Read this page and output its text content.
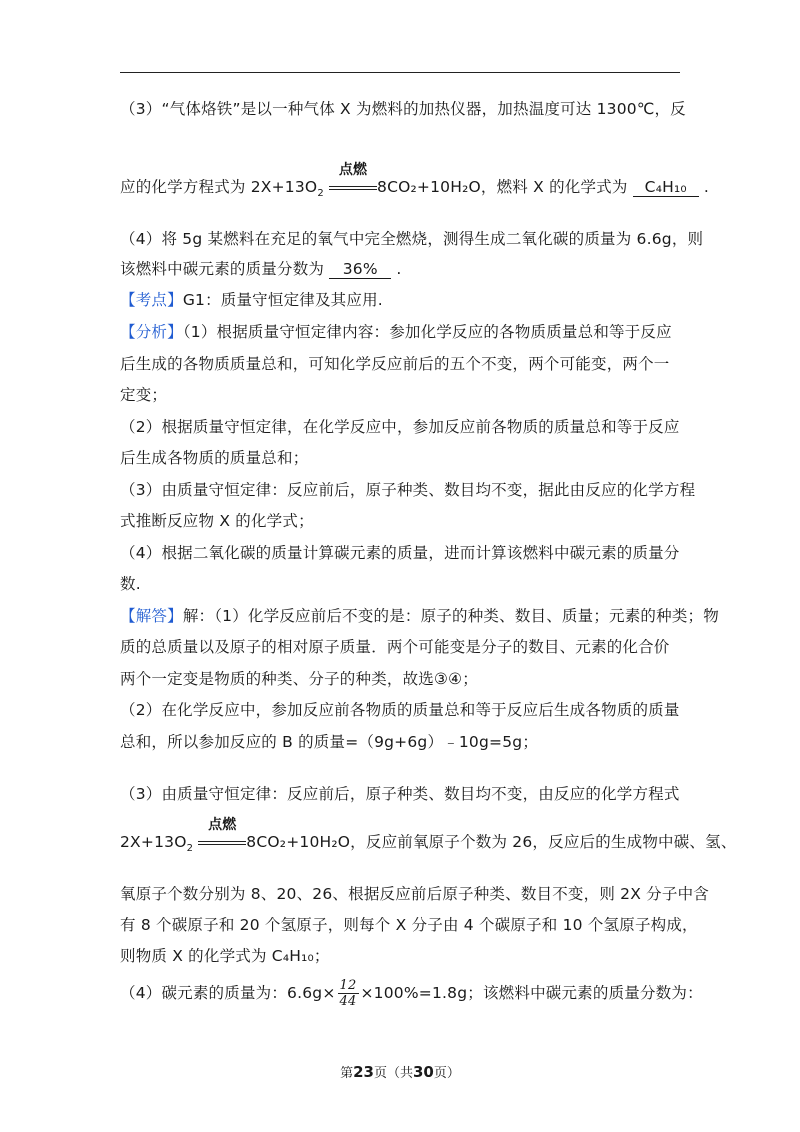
（3）“气体烙铁”是以一种气体 X 为燃料的加热仪器，加热温度可达 1300℃，反
应的化学方程式为 $2X+13O_2$
点燃
8CO₂+10H₂O，燃料 X 的化学式为 C₄H₁₀ .
（4）将 5g 某燃料在充足的氧气中完全燃烧，测得生成二氧化碳的质量为 6.6g，则
该燃料中碳元素的质量分数为 36% .
【考点】G1：质量守恒定律及其应用.
【分析】（1）根据质量守恒定律内容：参加化学反应的各物质质量总和等于反应
后生成的各物质质量总和，可知化学反应前后的五个不变，两个可能变，两个一
定变；
（2）根据质量守恒定律，在化学反应中，参加反应前各物质的质量总和等于反应
后生成各物质的质量总和；
（3）由质量守恒定律：反应前后，原子种类、数目均不变，据此由反应的化学方程
式推断反应物 X 的化学式；
（4）根据二氧化碳的质量计算碳元素的质量，进而计算该燃料中碳元素的质量分
数.
【解答】解：（1）化学反应前后不变的是：原子的种类、数目、质量；元素的种类；物
质的总质量以及原子的相对原子质量．两个可能变是分子的数目、元素的化合价
两个一定变是物质的种类、分子的种类，故选③④；
（2）在化学反应中，参加反应前各物质的质量总和等于反应后生成各物质的质量
总和，所以参加反应的 B 的质量=（9g+6g）﹣10g=5g；
（3）由质量守恒定律：反应前后，原子种类、数目均不变，由反应的化学方程式
$2X+13O_2$
点燃
8CO₂+10H₂O，反应前氧原子个数为 26，反应后的生成物中碳、氢、
氧原子个数分别为 8、20、26、根据反应前后原子种类、数目不变，则 2X 分子中含
有 8 个碳原子和 20 个氢原子，则每个 X 分子由 4 个碳原子和 10 个氢原子构成，
则物质 X 的化学式为 C₄H₁₀；
（4）碳元素的质量为：$6.6g\times \frac{12}{44} \times 100\%=1.8g$；该燃料中碳元素的质量分数为：
第23页（共30页）
